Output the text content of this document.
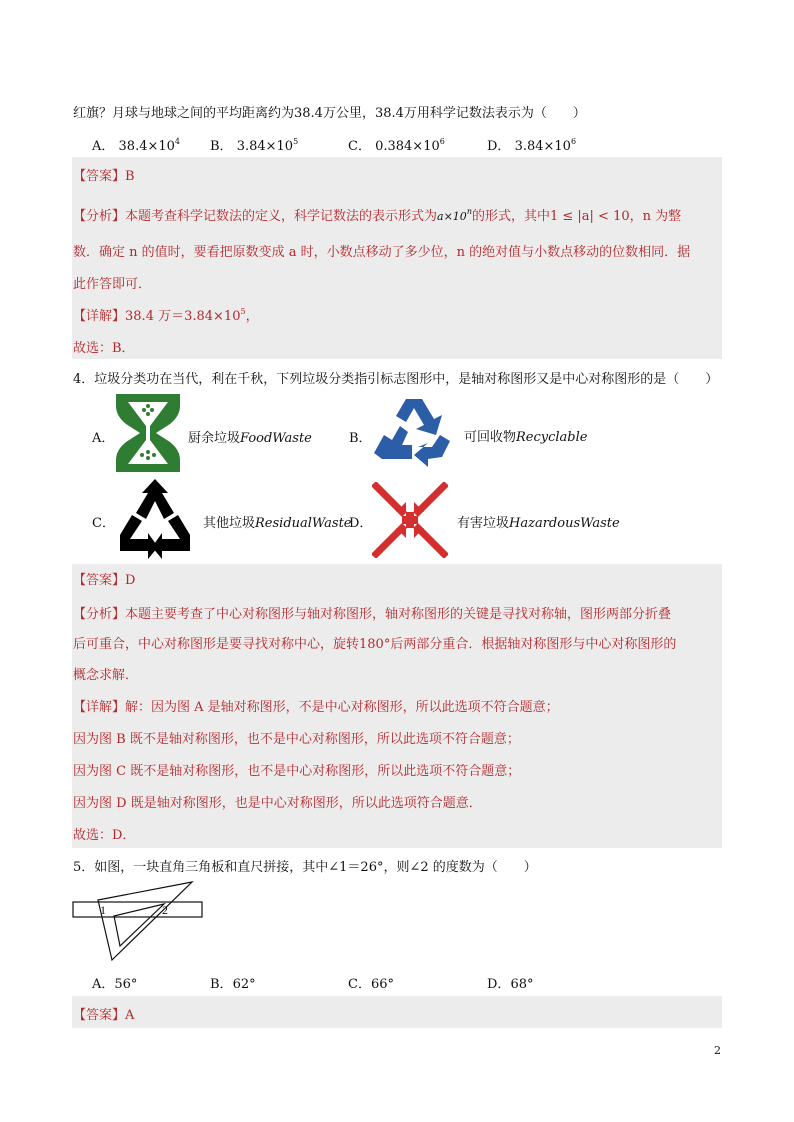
红旗？月球与地球之间的平均距离约为38.4万公里，38.4万用科学记数法表示为（　　）
A． $38.4\times 10^4$ B． $3.84\times 10^5$	C． $0.384\times 10^6$	D． $3.84\times 10^6$
【答案】B
【分析】本题考查科学记数法的定义，科学记数法的表示形式为$a\times 10^n$的形式，其中1 ≤ |a| < 10，n 为整
数．确定 n 的值时，要看把原数变成 a 时，小数点移动了多少位，n 的绝对值与小数点移动的位数相同．据
此作答即可．
【详解】38.4 万$=3.84\times 10^5$，
故选：B．
4．垃圾分类功在当代，利在千秋，下列垃圾分类指引标志图形中，是轴对称图形又是中心对称图形的是（　　）
A．	厨余垃圾FoodWaste	B．	可回收物Recyclable
C．	其他垃圾ResidualWaste
D．	有害垃圾HazardousWaste
【答案】D
【分析】本题主要考查了中心对称图形与轴对称图形，轴对称图形的关键是寻找对称轴，图形两部分折叠
后可重合，中心对称图形是要寻找对称中心，旋转180°后两部分重合．根据轴对称图形与中心对称图形的
概念求解．
【详解】解：因为图 A 是轴对称图形，不是中心对称图形，所以此选项不符合题意；
因为图 B 既不是轴对称图形，也不是中心对称图形，所以此选项不符合题意；
因为图 C 既不是轴对称图形，也不是中心对称图形，所以此选项不符合题意；
因为图 D 既是轴对称图形，也是中心对称图形，所以此选项符合题意．
故选：D．
5．如图，一块直角三角板和直尺拼接，其中∠1＝26°，则∠2 的度数为（　　）
1	2
A．56°	B．62°	C．66°	D．68°
【答案】A
2
